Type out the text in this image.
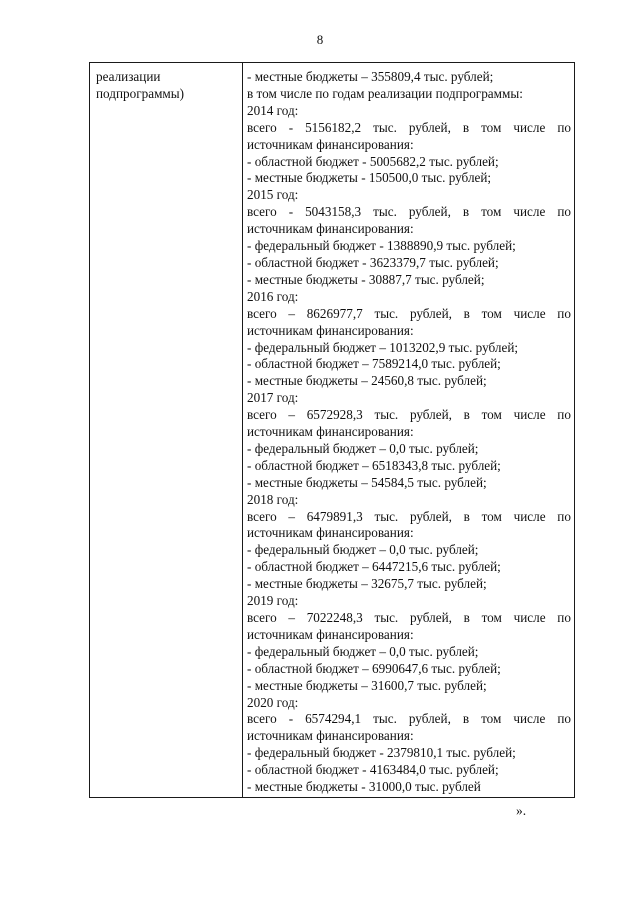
8
реализации
подпрограммы)
- местные бюджеты – 355809,4 тыс. рублей;
в том числе по годам реализации подпрограммы:
2014 год:
всего - 5156182,2 тыс. рублей, в том числе по
источникам финансирования:
- областной бюджет - 5005682,2 тыс. рублей;
- местные бюджеты - 150500,0 тыс. рублей;
2015 год:
всего - 5043158,3 тыс. рублей, в том числе по
источникам финансирования:
- федеральный бюджет - 1388890,9 тыс. рублей;
- областной бюджет - 3623379,7 тыс. рублей;
- местные бюджеты - 30887,7 тыс. рублей;
2016 год:
всего – 8626977,7 тыс. рублей, в том числе по
источникам финансирования:
- федеральный бюджет – 1013202,9 тыс. рублей;
- областной бюджет – 7589214,0 тыс. рублей;
- местные бюджеты – 24560,8 тыс. рублей;
2017 год:
всего – 6572928,3 тыс. рублей, в том числе по
источникам финансирования:
- федеральный бюджет – 0,0 тыс. рублей;
- областной бюджет – 6518343,8 тыс. рублей;
- местные бюджеты – 54584,5 тыс. рублей;
2018 год:
всего – 6479891,3 тыс. рублей, в том числе по
источникам финансирования:
- федеральный бюджет – 0,0 тыс. рублей;
- областной бюджет – 6447215,6 тыс. рублей;
- местные бюджеты – 32675,7 тыс. рублей;
2019 год:
всего – 7022248,3 тыс. рублей, в том числе по
источникам финансирования:
- федеральный бюджет – 0,0 тыс. рублей;
- областной бюджет – 6990647,6 тыс. рублей;
- местные бюджеты – 31600,7 тыс. рублей;
2020 год:
всего - 6574294,1 тыс. рублей, в том числе по
источникам финансирования:
- федеральный бюджет - 2379810,1 тыс. рублей;
- областной бюджет - 4163484,0 тыс. рублей;
- местные бюджеты - 31000,0 тыс. рублей
».
